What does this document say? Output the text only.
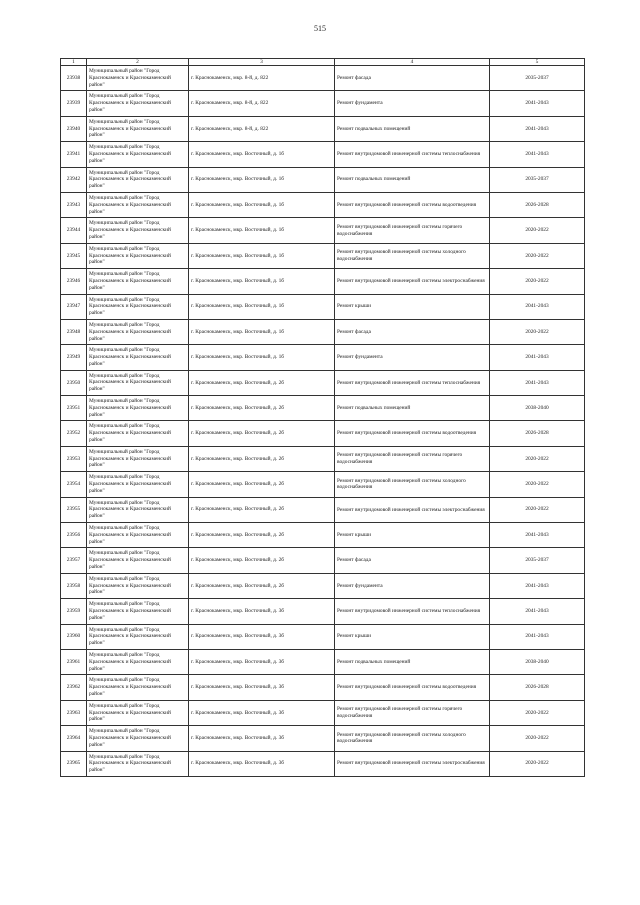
515
1	2	3	4	5
23938	Муниципальный район "Город Краснокаменск и Краснокаменский район"	г. Краснокаменск, мкр. 8-й, д. 822	Ремонт фасада	2035-2037
23939	Муниципальный район "Город Краснокаменск и Краснокаменский район"	г. Краснокаменск, мкр. 8-й, д. 822	Ремонт фундамента	2041-2043
23940	Муниципальный район "Город Краснокаменск и Краснокаменский район"	г. Краснокаменск, мкр. 8-й, д. 822	Ремонт подвальных помещений	2041-2043
23941	Муниципальный район "Город Краснокаменск и Краснокаменский район"	г. Краснокаменск, мкр. Восточный, д. 1б	Ремонт внутридомовой инженерной системы теплоснабжения	2041-2043
23942	Муниципальный район "Город Краснокаменск и Краснокаменский район"	г. Краснокаменск, мкр. Восточный, д. 1б	Ремонт подвальных помещений	2035-2037
23943	Муниципальный район "Город Краснокаменск и Краснокаменский район"	г. Краснокаменск, мкр. Восточный, д. 1б	Ремонт внутридомовой инженерной системы водоотведения	2026-2028
23944	Муниципальный район "Город Краснокаменск и Краснокаменский район"	г. Краснокаменск, мкр. Восточный, д. 1б	Ремонт внутридомовой инженерной системы горячего водоснабжения	2020-2022
23945	Муниципальный район "Город Краснокаменск и Краснокаменский район"	г. Краснокаменск, мкр. Восточный, д. 1б	Ремонт внутридомовой инженерной системы холодного водоснабжения	2020-2022
23946	Муниципальный район "Город Краснокаменск и Краснокаменский район"	г. Краснокаменск, мкр. Восточный, д. 1б	Ремонт внутридомовой инженерной системы электроснабжения	2020-2022
23947	Муниципальный район "Город Краснокаменск и Краснокаменский район"	г. Краснокаменск, мкр. Восточный, д. 1б	Ремонт крыши	2041-2043
23948	Муниципальный район "Город Краснокаменск и Краснокаменский район"	г. Краснокаменск, мкр. Восточный, д. 1б	Ремонт фасада	2020-2022
23949	Муниципальный район "Город Краснокаменск и Краснокаменский район"	г. Краснокаменск, мкр. Восточный, д. 1б	Ремонт фундамента	2041-2043
23950	Муниципальный район "Город Краснокаменск и Краснокаменский район"	г. Краснокаменск, мкр. Восточный, д. 2б	Ремонт внутридомовой инженерной системы теплоснабжения	2041-2043
23951	Муниципальный район "Город Краснокаменск и Краснокаменский район"	г. Краснокаменск, мкр. Восточный, д. 2б	Ремонт подвальных помещений	2038-2040
23952	Муниципальный район "Город Краснокаменск и Краснокаменский район"	г. Краснокаменск, мкр. Восточный, д. 2б	Ремонт внутридомовой инженерной системы водоотведения	2026-2028
23953	Муниципальный район "Город Краснокаменск и Краснокаменский район"	г. Краснокаменск, мкр. Восточный, д. 2б	Ремонт внутридомовой инженерной системы горячего водоснабжения	2020-2022
23954	Муниципальный район "Город Краснокаменск и Краснокаменский район"	г. Краснокаменск, мкр. Восточный, д. 2б	Ремонт внутридомовой инженерной системы холодного водоснабжения	2020-2022
23955	Муниципальный район "Город Краснокаменск и Краснокаменский район"	г. Краснокаменск, мкр. Восточный, д. 2б	Ремонт внутридомовой инженерной системы электроснабжения	2020-2022
23956	Муниципальный район "Город Краснокаменск и Краснокаменский район"	г. Краснокаменск, мкр. Восточный, д. 2б	Ремонт крыши	2041-2043
23957	Муниципальный район "Город Краснокаменск и Краснокаменский район"	г. Краснокаменск, мкр. Восточный, д. 2б	Ремонт фасада	2035-2037
23958	Муниципальный район "Город Краснокаменск и Краснокаменский район"	г. Краснокаменск, мкр. Восточный, д. 2б	Ремонт фундамента	2041-2043
23959	Муниципальный район "Город Краснокаменск и Краснокаменский район"	г. Краснокаменск, мкр. Восточный, д. 3б	Ремонт внутридомовой инженерной системы теплоснабжения	2041-2043
23960	Муниципальный район "Город Краснокаменск и Краснокаменский район"	г. Краснокаменск, мкр. Восточный, д. 3б	Ремонт крыши	2041-2043
23961	Муниципальный район "Город Краснокаменск и Краснокаменский район"	г. Краснокаменск, мкр. Восточный, д. 3б	Ремонт подвальных помещений	2038-2040
23962	Муниципальный район "Город Краснокаменск и Краснокаменский район"	г. Краснокаменск, мкр. Восточный, д. 3б	Ремонт внутридомовой инженерной системы водоотведения	2026-2028
23963	Муниципальный район "Город Краснокаменск и Краснокаменский район"	г. Краснокаменск, мкр. Восточный, д. 3б	Ремонт внутридомовой инженерной системы горячего водоснабжения	2020-2022
23964	Муниципальный район "Город Краснокаменск и Краснокаменский район"	г. Краснокаменск, мкр. Восточный, д. 3б	Ремонт внутридомовой инженерной системы холодного водоснабжения	2020-2022
23965	Муниципальный район "Город Краснокаменск и Краснокаменский район"	г. Краснокаменск, мкр. Восточный, д. 3б	Ремонт внутридомовой инженерной системы электроснабжения	2020-2022
